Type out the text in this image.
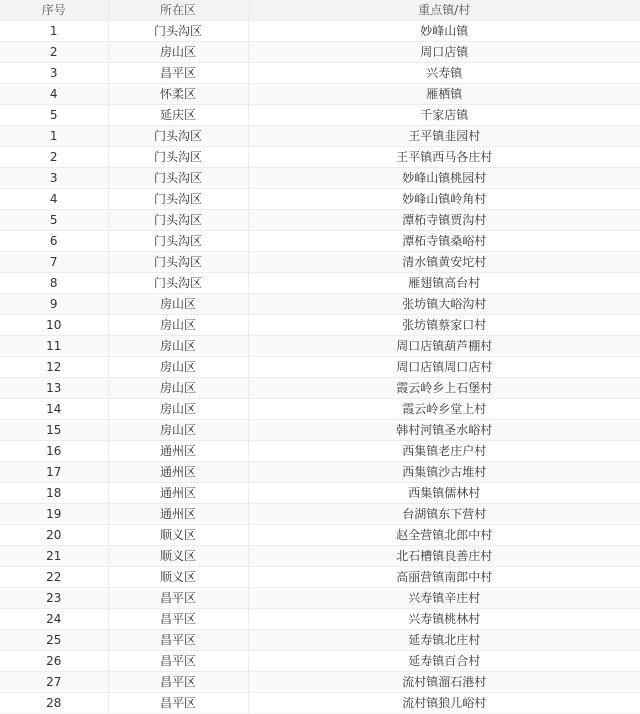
序号	所在区	重点镇/村
1	门头沟区	妙峰山镇
2	房山区	周口店镇
3	昌平区	兴寿镇
4	怀柔区	雁栖镇
5	延庆区	千家店镇
1	门头沟区	王平镇韭园村
2	门头沟区	王平镇西马各庄村
3	门头沟区	妙峰山镇桃园村
4	门头沟区	妙峰山镇岭角村
5	门头沟区	潭柘寺镇贾沟村
6	门头沟区	潭柘寺镇桑峪村
7	门头沟区	清水镇黄安坨村
8	门头沟区	雁翅镇高台村
9	房山区	张坊镇大峪沟村
10	房山区	张坊镇蔡家口村
11	房山区	周口店镇葫芦棚村
12	房山区	周口店镇周口店村
13	房山区	霞云岭乡上石堡村
14	房山区	霞云岭乡堂上村
15	房山区	韩村河镇圣水峪村
16	通州区	西集镇老庄户村
17	通州区	西集镇沙古堆村
18	通州区	西集镇儒林村
19	通州区	台湖镇东下营村
20	顺义区	赵全营镇北郎中村
21	顺义区	北石槽镇良善庄村
22	顺义区	高丽营镇南郎中村
23	昌平区	兴寿镇辛庄村
24	昌平区	兴寿镇桃林村
25	昌平区	延寿镇北庄村
26	昌平区	延寿镇百合村
27	昌平区	流村镇溜石港村
28	昌平区	流村镇狼儿峪村
